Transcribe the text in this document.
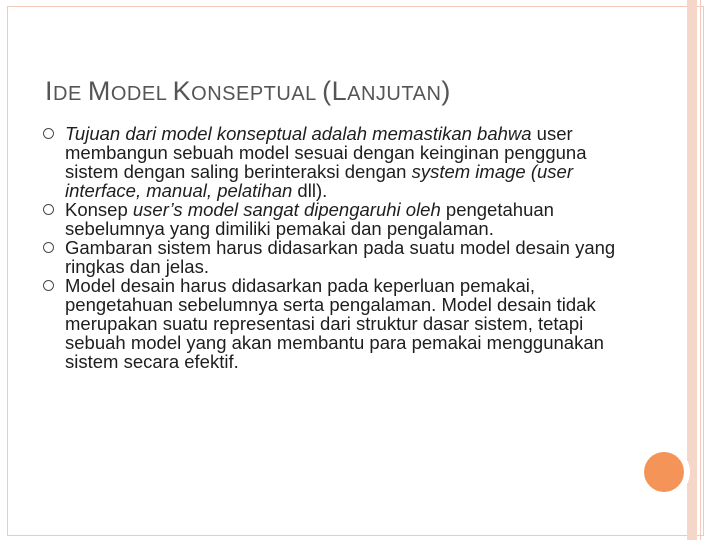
IDE MODEL KONSEPTUAL (LANJUTAN)
Tujuan dari model konseptual adalah memastikan bahwa user membangun sebuah model sesuai dengan keinginan pengguna sistem dengan saling berinteraksi dengan system image (user interface, manual, pelatihan dll).
Konsep user’s model sangat dipengaruhi oleh pengetahuan sebelumnya yang dimiliki pemakai dan pengalaman.
Gambaran sistem harus didasarkan pada suatu model desain yang ringkas dan jelas.
Model desain harus didasarkan pada keperluan pemakai, pengetahuan sebelumnya serta pengalaman. Model desain tidak merupakan suatu representasi dari struktur dasar sistem, tetapi sebuah model yang akan membantu para pemakai menggunakan sistem secara efektif.
